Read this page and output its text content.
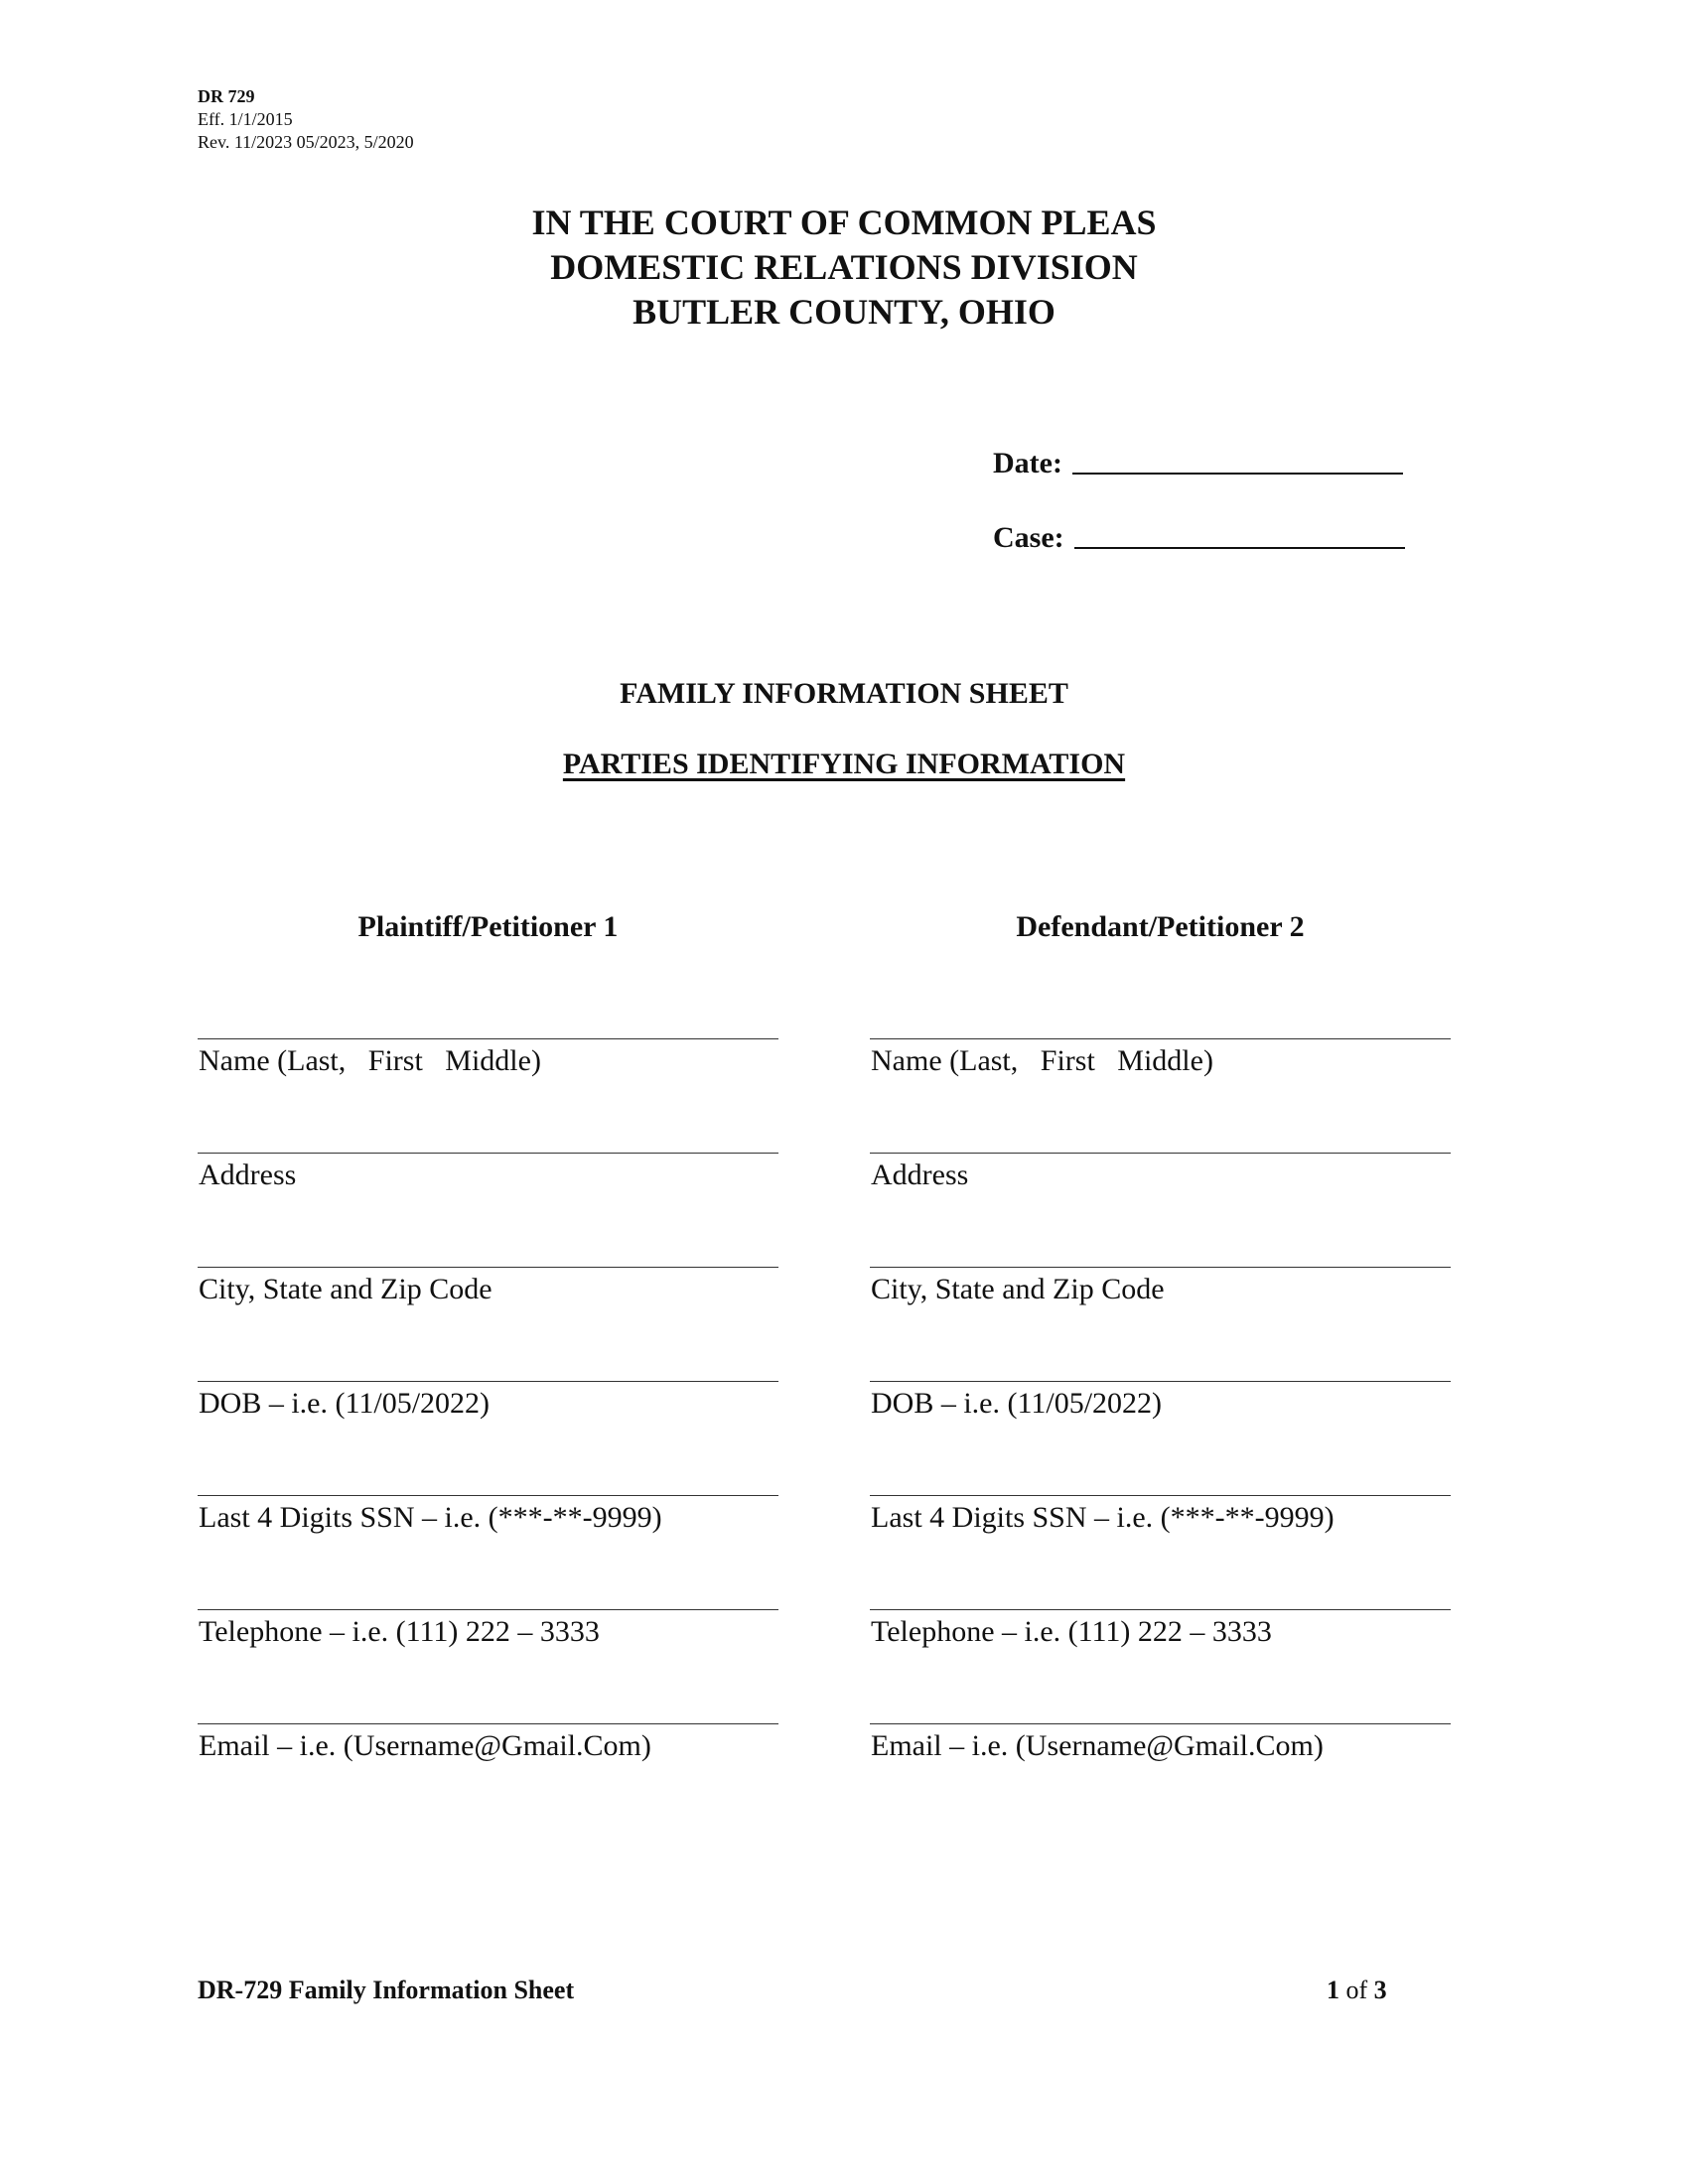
DR 729
Eff. 1/1/2015
Rev. 11/2023 05/2023, 5/2020
IN THE COURT OF COMMON PLEAS
DOMESTIC RELATIONS DIVISION
BUTLER COUNTY, OHIO
Date:
Case:
FAMILY INFORMATION SHEET
PARTIES IDENTIFYING INFORMATION
Plaintiff/Petitioner 1	Defendant/Petitioner 2
Name (Last,   First   Middle)
Address
City, State and Zip Code
DOB – i.e. (11/05/2022)
Last 4 Digits SSN – i.e. (***-**-9999)
Telephone – i.e. (111) 222 – 3333
Email – i.e. (Username@Gmail.Com)
Name (Last,   First   Middle)
Address
City, State and Zip Code
DOB – i.e. (11/05/2022)
Last 4 Digits SSN – i.e. (***-**-9999)
Telephone – i.e. (111) 222 – 3333
Email – i.e. (Username@Gmail.Com)
DR-729 Family Information Sheet	1 of 3
